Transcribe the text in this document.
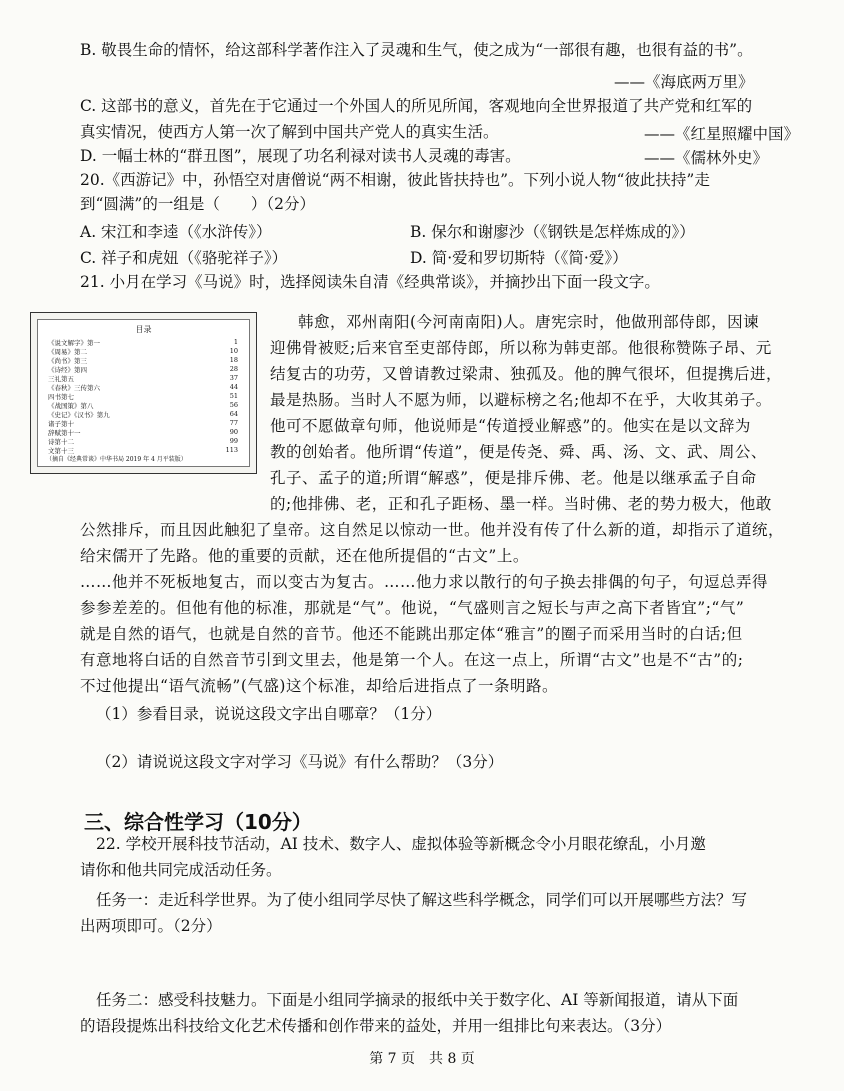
B. 敬畏生命的情怀，给这部科学著作注入了灵魂和生气，使之成为“一部很有趣，也很有益的书”。
——《海底两万里》
C. 这部书的意义，首先在于它通过一个外国人的所见所闻，客观地向全世界报道了共产党和红军的
真实情况，使西方人第一次了解到中国共产党人的真实生活。	——《红星照耀中国》
D. 一幅士林的“群丑图”，展现了功名利禄对读书人灵魂的毒害。	——《儒林外史》
20.《西游记》中，孙悟空对唐僧说“两不相谢，彼此皆扶持也”。下列小说人物“彼此扶持”走
到“圆满”的一组是（　　）（2分）
A. 宋江和李逵（《水浒传》）	B. 保尔和谢廖沙（《钢铁是怎样炼成的》）
C. 祥子和虎妞（《骆驼祥子》）	D. 简·爱和罗切斯特（《简·爱》）
21. 小月在学习《马说》时，选择阅读朱自清《经典常谈》，并摘抄出下面一段文字。
目录
《说文解字》第一	1
《周易》第二	10
《尚书》第三	18
《诗经》第四	28
三礼第五	37
《春秋》三传第六	44
四书第七	51
《战国策》第八	56
《史记》《汉书》第九	64
诸子第十	77
辞赋第十一	90
诗第十二	99
文第十三	113
（摘自《经典常谈》中华书局 2019 年 4 月平装版）
韩愈，邓州南阳(今河南南阳)人。唐宪宗时，他做刑部侍郎，因谏
迎佛骨被贬;后来官至吏部侍郎，所以称为韩吏部。他很称赞陈子昂、元
结复古的功劳，又曾请教过梁肃、独孤及。他的脾气很坏，但提携后进，
最是热肠。当时人不愿为师，以避标榜之名;他却不在乎，大收其弟子。
他可不愿做章句师，他说师是“传道授业解惑”的。他实在是以文辞为
教的创始者。他所谓“传道”，便是传尧、舜、禹、汤、文、武、周公、
孔子、孟子的道;所谓“解惑”，便是排斥佛、老。他是以继承孟子自命
的;他排佛、老，正和孔子距杨、墨一样。当时佛、老的势力极大，他敢
公然排斥，而且因此触犯了皇帝。这自然足以惊动一世。他并没有传了什么新的道，却指示了道统，
给宋儒开了先路。他的重要的贡献，还在他所提倡的“古文”上。
……他并不死板地复古，而以变古为复古。……他力求以散行的句子换去排偶的句子，句逗总弄得
参参差差的。但他有他的标准，那就是“气”。他说，“气盛则言之短长与声之高下者皆宜”;“气”
就是自然的语气，也就是自然的音节。他还不能跳出那定体“雅言”的圈子而采用当时的白话;但
有意地将白话的自然音节引到文里去，他是第一个人。在这一点上，所谓“古文”也是不“古”的;
不过他提出“语气流畅”(气盛)这个标准，却给后进指点了一条明路。
（1）参看目录，说说这段文字出自哪章？（1分）
（2）请说说这段文字对学习《马说》有什么帮助？（3分）
三、综合性学习（10分）
22. 学校开展科技节活动，AI 技术、数字人、虚拟体验等新概念令小月眼花缭乱，小月邀
请你和他共同完成活动任务。
任务一：走近科学世界。为了使小组同学尽快了解这些科学概念，同学们可以开展哪些方法？写
出两项即可。（2分）
任务二：感受科技魅力。下面是小组同学摘录的报纸中关于数字化、AI 等新闻报道，请从下面
的语段提炼出科技给文化艺术传播和创作带来的益处，并用一组排比句来表达。（3分）
第 7 页　共 8 页
